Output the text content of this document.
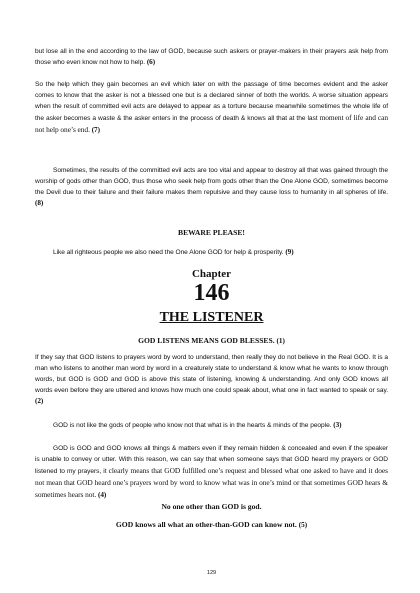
but lose all in the end according to the law of GOD, because such askers or prayer-makers in their prayers ask help from those who even know not how to help. (6)

So the help which they gain becomes an evil which later on with the passage of time becomes evident and the asker comes to know that the asker is not a blessed one but is a declared sinner of both the worlds. A worse situation appears when the result of committed evil acts are delayed to appear as a torture because meanwhile sometimes the whole life of the asker becomes a waste & the asker enters in the process of death & knows all that at the last moment of life and can not help one’s end. (7)

Sometimes, the results of the committed evil acts are too vital and appear to destroy all that was gained through the worship of gods other than GOD, thus those who seek help from gods other than the One Alone GOD, sometimes become the Devil due to their failure and their failure makes them repulsive and they cause loss to humanity in all spheres of life. (8)

BEWARE PLEASE!

Like all righteous people we also need the One Alone GOD for help & prosperity. (9)

Chapter
146
THE LISTENER
GOD LISTENS MEANS GOD BLESSES. (1)

If they say that GOD listens to prayers word by word to understand, then really they do not believe in the Real GOD. It is a man who listens to another man word by word in a creaturely state to understand & know what he wants to know through words, but GOD is GOD and GOD is above this state of listening, knowing & understanding. And only GOD knows all words even before they are uttered and knows how much one could speak about, what one in fact wanted to speak or say. (2)

GOD is not like the gods of people who know not that what is in the hearts & minds of the people. (3)

GOD is GOD and GOD knows all things & matters even if they remain hidden & concealed and even if the speaker is unable to convey or utter. With this reason, we can say that when someone says that GOD heard my prayers or GOD listened to my prayers, it clearly means that GOD fulfilled one’s request and blessed what one asked to have and it does not mean that GOD heard one’s prayers word by word to know what was in one’s mind or that sometimes GOD hears & sometimes hears not. (4)

No one other than GOD is god.
GOD knows all what an other-than-GOD can know not. (5)
129
